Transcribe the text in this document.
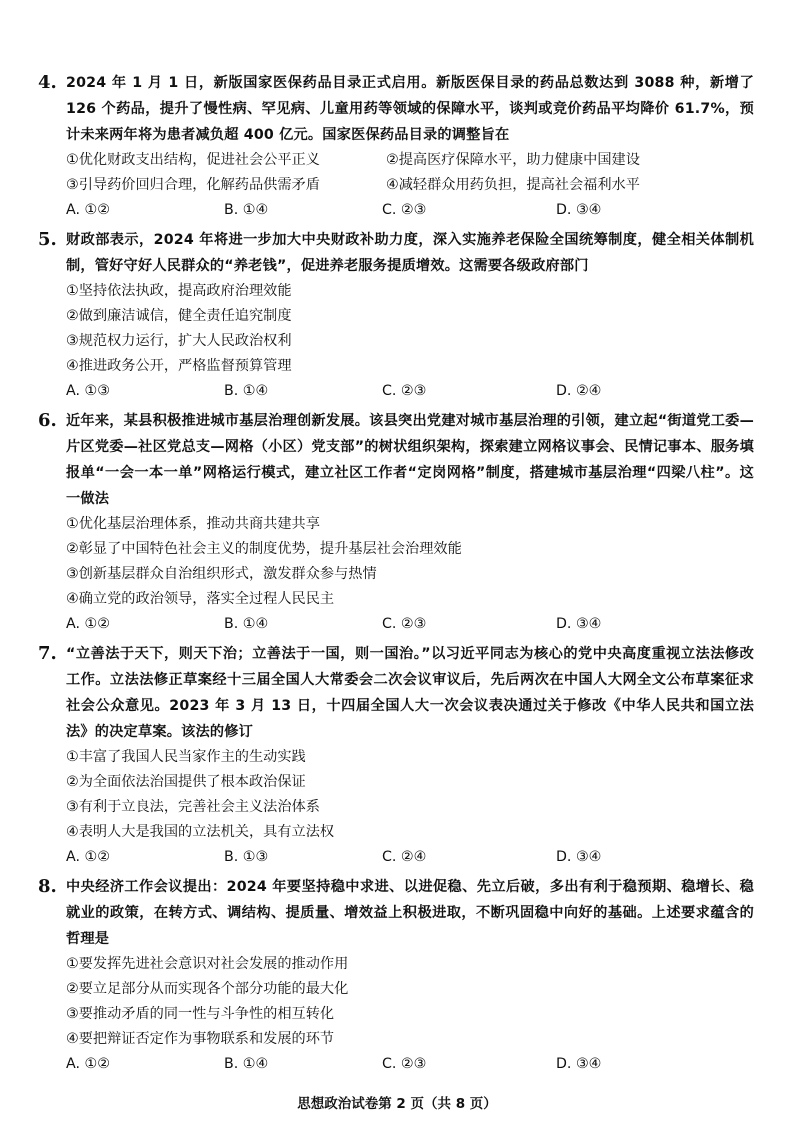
4. 2024 年 1 月 1 日，新版国家医保药品目录正式启用。新版医保目录的药品总数达到 3088 种，新增了 126 个药品，提升了慢性病、罕见病、儿童用药等领域的保障水平，谈判或竞价药品平均降价 61.7%，预计未来两年将为患者减负超 400 亿元。国家医保药品目录的调整旨在
①优化财政支出结构，促进社会公平正义	②提高医疗保障水平，助力健康中国建设
③引导药价回归合理，化解药品供需矛盾	④减轻群众用药负担，提高社会福利水平
A. ①②	B. ①④	C. ②③	D. ③④
5. 财政部表示，2024 年将进一步加大中央财政补助力度，深入实施养老保险全国统筹制度，健全相关体制机制，管好守好人民群众的“养老钱”，促进养老服务提质增效。这需要各级政府部门
①坚持依法执政，提高政府治理效能
②做到廉洁诚信，健全责任追究制度
③规范权力运行，扩大人民政治权利
④推进政务公开，严格监督预算管理
A. ①③	B. ①④	C. ②③	D. ②④
6. 近年来，某县积极推进城市基层治理创新发展。该县突出党建对城市基层治理的引领，建立起“街道党工委—片区党委—社区党总支—网格（小区）党支部”的树状组织架构，探索建立网格议事会、民情记事本、服务填报单“一会一本一单”网格运行模式，建立社区工作者“定岗网格”制度，搭建城市基层治理“四梁八柱”。这一做法
①优化基层治理体系，推动共商共建共享
②彰显了中国特色社会主义的制度优势，提升基层社会治理效能
③创新基层群众自治组织形式，激发群众参与热情
④确立党的政治领导，落实全过程人民民主
A. ①②	B. ①④	C. ②③	D. ③④
7. “立善法于天下，则天下治；立善法于一国，则一国治。”以习近平同志为核心的党中央高度重视立法法修改工作。立法法修正草案经十三届全国人大常委会二次会议审议后，先后两次在中国人大网全文公布草案征求社会公众意见。2023 年 3 月 13 日，十四届全国人大一次会议表决通过关于修改《中华人民共和国立法法》的决定草案。该法的修订
①丰富了我国人民当家作主的生动实践
②为全面依法治国提供了根本政治保证
③有利于立良法，完善社会主义法治体系
④表明人大是我国的立法机关，具有立法权
A. ①②	B. ①③	C. ②④	D. ③④
8. 中央经济工作会议提出：2024 年要坚持稳中求进、以进促稳、先立后破，多出有利于稳预期、稳增长、稳就业的政策，在转方式、调结构、提质量、增效益上积极进取，不断巩固稳中向好的基础。上述要求蕴含的哲理是
①要发挥先进社会意识对社会发展的推动作用
②要立足部分从而实现各个部分功能的最大化
③要推动矛盾的同一性与斗争性的相互转化
④要把辩证否定作为事物联系和发展的环节
A. ①②	B. ①④	C. ②③	D. ③④
思想政治试卷第 2 页（共 8 页）
